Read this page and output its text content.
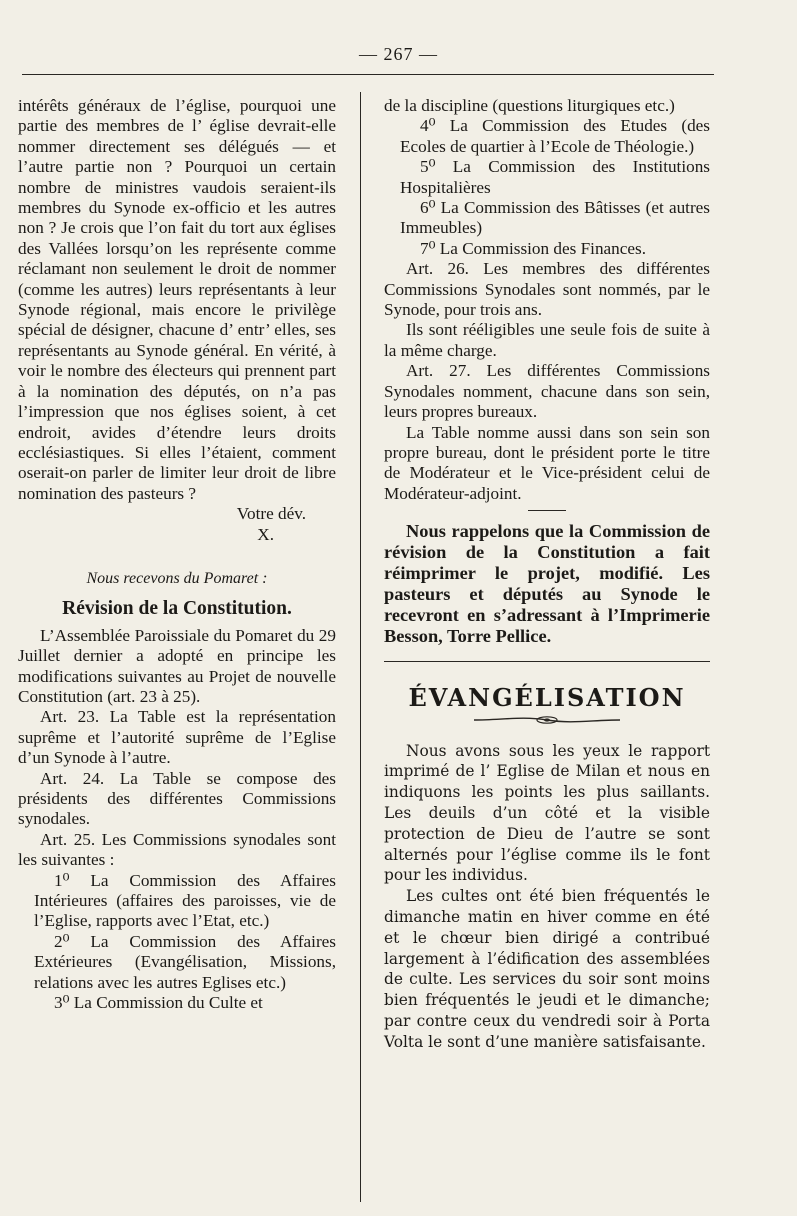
— 267 —

intérêts généraux de l’église, pourquoi une partie des membres de l’ église devrait-elle nommer directement ses délégués — et l’autre partie non ? Pourquoi un certain nombre de ministres vaudois seraient-ils membres du Synode ex-officio et les autres non ? Je crois que l’on fait du tort aux églises des Vallées lorsqu’on les représente comme réclamant non seulement le droit de nommer (comme les autres) leurs représentants à leur Synode régional, mais encore le privilège spécial de désigner, chacune d’ entr’ elles, ses représentants au Synode général. En vérité, à voir le nombre des électeurs qui prennent part à la nomination des députés, on n’a pas l’impression que nos églises soient, à cet endroit, avides d’étendre leurs droits ecclésiastiques. Si elles l’étaient, comment oserait-on parler de limiter leur droit de libre nomination des pasteurs ?

Votre dév.

X.

Nous recevons du Pomaret :

Révision de la Constitution.

L’Assemblée Paroissiale du Pomaret du 29 Juillet dernier a adopté en principe les modifications suivantes au Projet de nouvelle Constitution (art. 23 à 25).

Art. 23. La Table est la représentation suprême et l’autorité suprême de l’Eglise d’un Synode à l’autre.

Art. 24. La Table se compose des présidents des différentes Commissions synodales.

Art. 25. Les Commissions synodales sont les suivantes :

1⁰ La Commission des Affaires Intérieures (affaires des paroisses, vie de l’Eglise, rapports avec l’Etat, etc.)

2⁰ La Commission des Affaires Extérieures (Evangélisation, Missions, relations avec les autres Eglises etc.)

3⁰ La Commission du Culte et

de la discipline (questions liturgiques etc.)

4⁰ La Commission des Etudes (des Ecoles de quartier à l’Ecole de Théologie.)

5⁰ La Commission des Institutions Hospitalières

6⁰ La Commission des Bâtisses (et autres Immeubles)

7⁰ La Commission des Finances.

Art. 26. Les membres des différentes Commissions Synodales sont nommés, par le Synode, pour trois ans.

Ils sont rééligibles une seule fois de suite à la même charge.

Art. 27. Les différentes Commissions Synodales nomment, chacune dans son sein, leurs propres bureaux.

La Table nomme aussi dans son sein son propre bureau, dont le président porte le titre de Modérateur et le Vice-président celui de Modérateur-adjoint.

Nous rappelons que la Commission de révision de la Constitution a fait réimprimer le projet, modifié. Les pasteurs et députés au Synode le recevront en s’adressant à l’Imprimerie Besson, Torre Pellice.

ÉVANGÉLISATION

Nous avons sous les yeux le rapport imprimé de l’ Eglise de Milan et nous en indiquons les points les plus saillants. Les deuils d’un côté et la visible protection de Dieu de l’autre se sont alternés pour l’église comme ils le font pour les individus.

Les cultes ont été bien fréquentés le dimanche matin en hiver comme en été et le chœur bien dirigé a contribué largement à l’édification des assemblées de culte. Les services du soir sont moins bien fréquentés le jeudi et le dimanche; par contre ceux du vendredi soir à Porta Volta le sont d’une manière satisfaisante.
